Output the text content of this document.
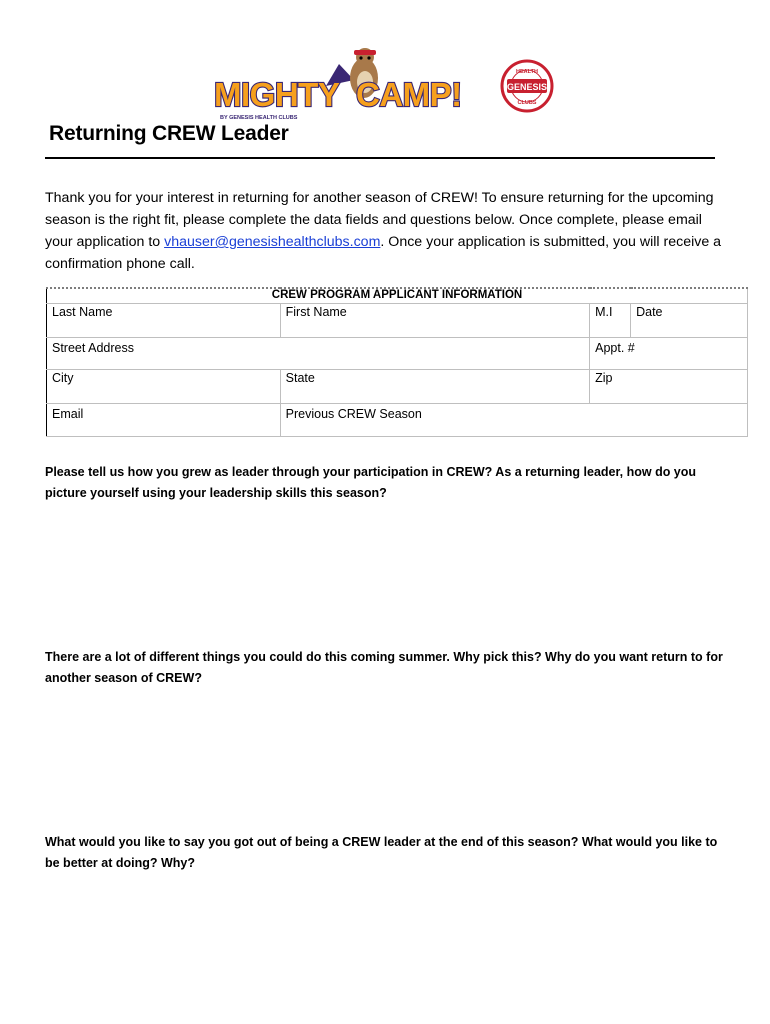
MIGHTY CAMP!
BY GENESIS HEALTH CLUBS
GENESIS
HEALTH
CLUBS
Returning CREW Leader

Thank you for your interest in returning for another season of CREW! To ensure returning for the upcoming season is the right fit, please complete the data fields and questions below. Once complete, please email your application to vhauser@genesishealthclubs.com. Once your application is submitted, you will receive a confirmation phone call.

CREW PROGRAM APPLICANT INFORMATION			
Last Name	First Name	M.I	Date
Street Address		Appt. #	
City	State	Zip	
Email	Previous CREW Season		

Please tell us how you grew as leader through your participation in CREW? As a returning leader, how do you picture yourself using your leadership skills this season?

There are a lot of different things you could do this coming summer. Why pick this? Why do you want return to for another season of CREW?

What would you like to say you got out of being a CREW leader at the end of this season? What would you like to be better at doing? Why?
